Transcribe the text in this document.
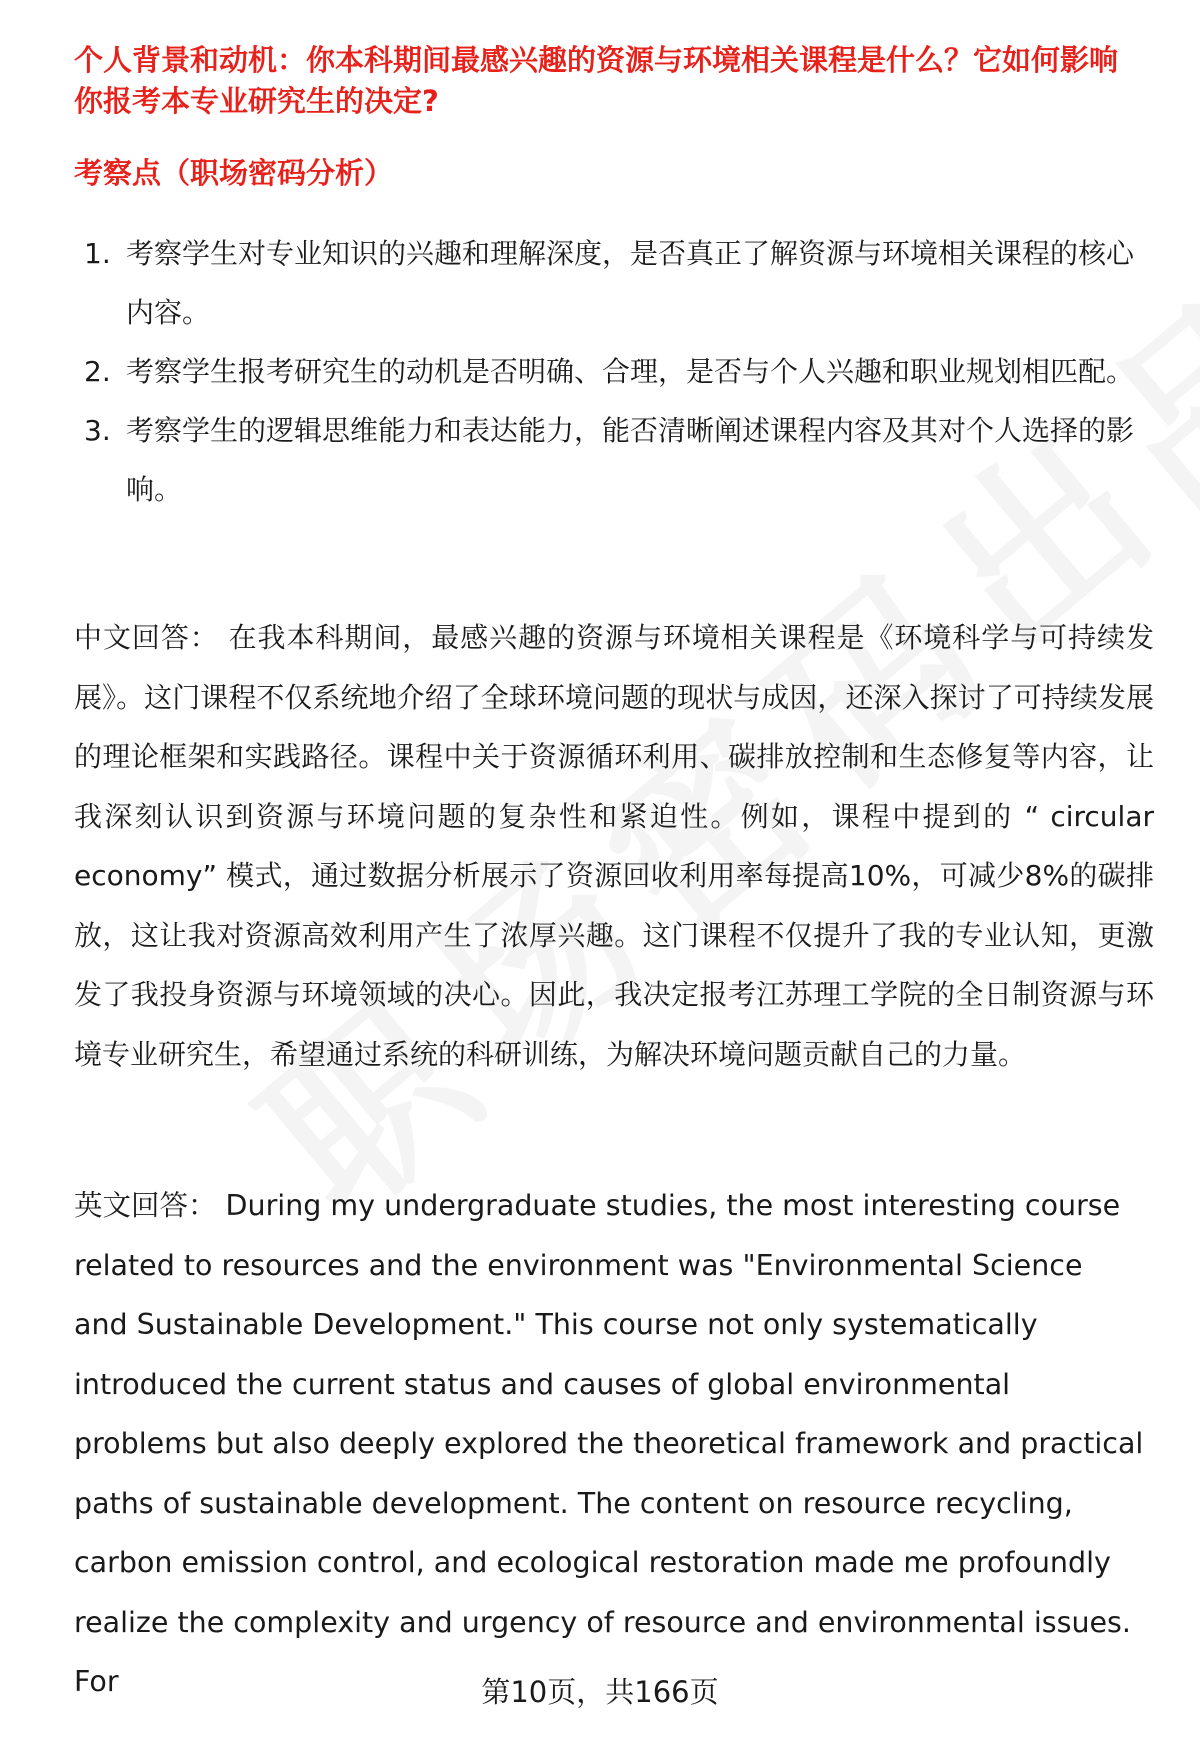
个人背景和动机：你本科期间最感兴趣的资源与环境相关课程是什么？它如何影响你报考本专业研究生的决定?

考察点（职场密码分析）

1. 考察学生对专业知识的兴趣和理解深度，是否真正了解资源与环境相关课程的核心内容。
2. 考察学生报考研究生的动机是否明确、合理，是否与个人兴趣和职业规划相匹配。
3. 考察学生的逻辑思维能力和表达能力，能否清晰阐述课程内容及其对个人选择的影响。

中文回答： 在我本科期间，最感兴趣的资源与环境相关课程是《环境科学与可持续发展》。这门课程不仅系统地介绍了全球环境问题的现状与成因，还深入探讨了可持续发展的理论框架和实践路径。课程中关于资源循环利用、碳排放控制和生态修复等内容，让我深刻认识到资源与环境问题的复杂性和紧迫性。例如，课程中提到的 “ circular economy” 模式，通过数据分析展示了资源回收利用率每提高10%，可减少8%的碳排放，这让我对资源高效利用产生了浓厚兴趣。这门课程不仅提升了我的专业认知，更激发了我投身资源与环境领域的决心。因此，我决定报考江苏理工学院的全日制资源与环境专业研究生，希望通过系统的科研训练，为解决环境问题贡献自己的力量。

英文回答： During my undergraduate studies, the most interesting course related to resources and the environment was "Environmental Science and Sustainable Development." This course not only systematically introduced the current status and causes of global environmental problems but also deeply explored the theoretical framework and practical paths of sustainable development. The content on resource recycling, carbon emission control, and ecological restoration made me profoundly realize the complexity and urgency of resource and environmental issues. For	第10页，共166页
